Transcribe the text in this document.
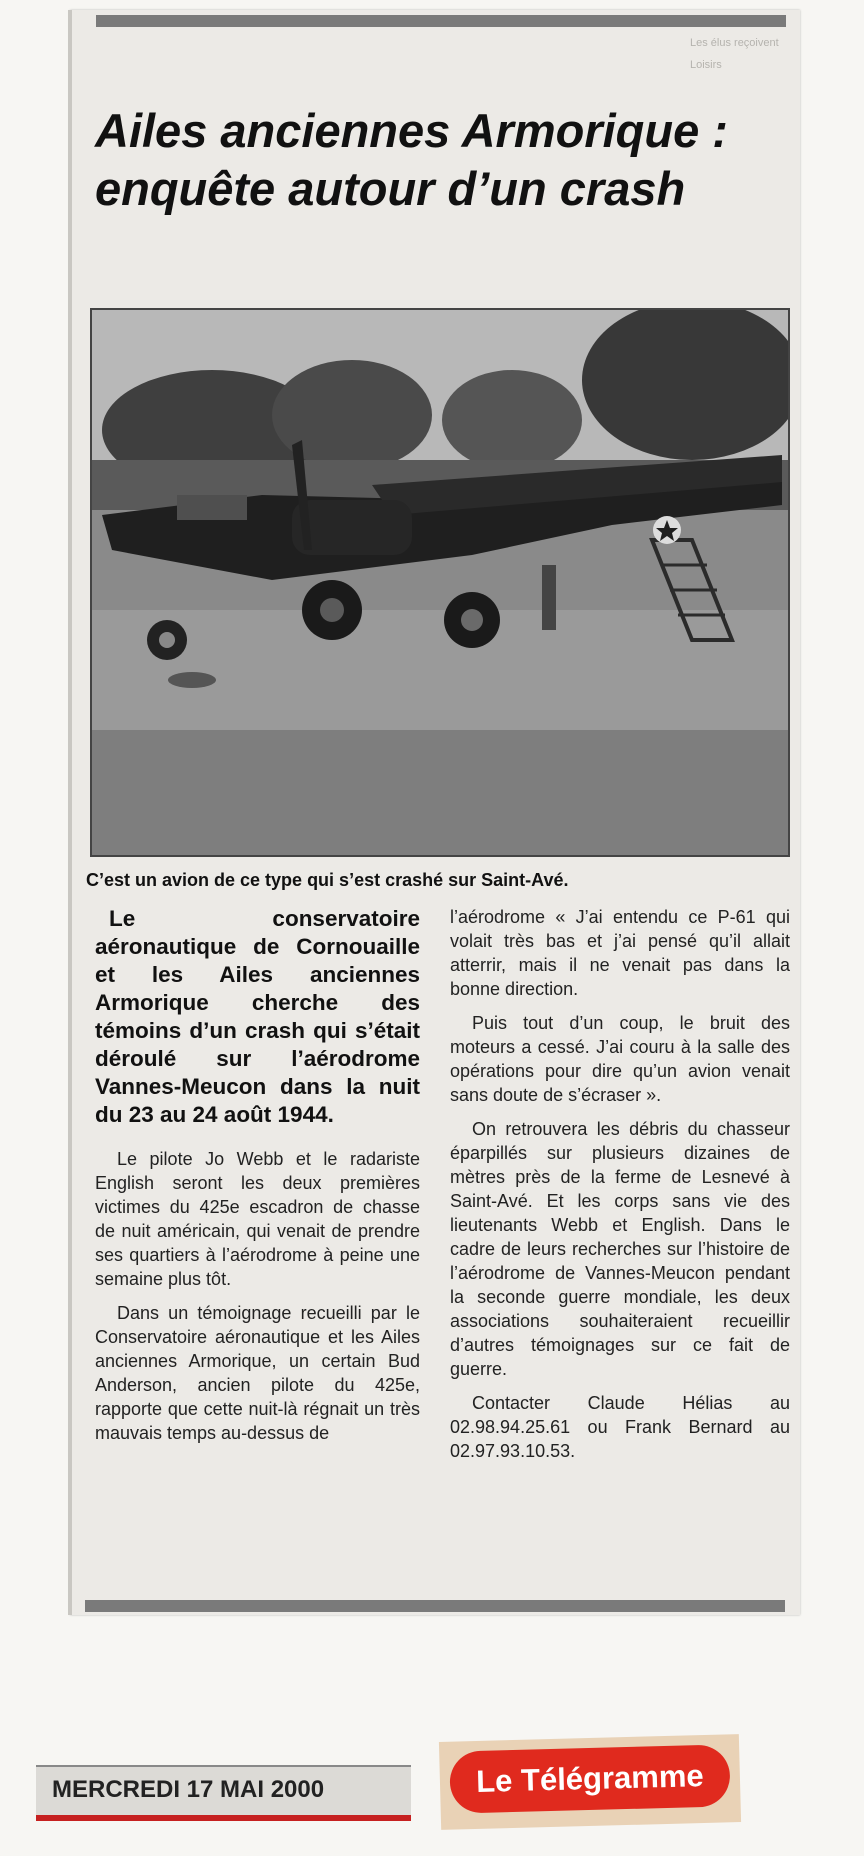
Les élus reçoivent
Loisirs
Ailes anciennes Armorique : enquête autour d’un crash

C’est un avion de ce type qui s’est crashé sur Saint-Avé.

Le conservatoire aéronautique de Cornouaille et les Ailes anciennes Armorique cherche des témoins d’un crash qui s’était déroulé sur l’aérodrome Vannes-Meucon dans la nuit du 23 au 24 août 1944.

Le pilote Jo Webb et le radariste English seront les deux premières victimes du 425e escadron de chasse de nuit américain, qui venait de prendre ses quartiers à l’aérodrome à peine une semaine plus tôt.

Dans un témoignage recueilli par le Conservatoire aéronautique et les Ailes anciennes Armorique, un certain Bud Anderson, ancien pilote du 425e, rapporte que cette nuit-là régnait un très mauvais temps au-dessus de

l’aérodrome « J’ai entendu ce P-61 qui volait très bas et j’ai pensé qu’il allait atterrir, mais il ne venait pas dans la bonne direction.

Puis tout d’un coup, le bruit des moteurs a cessé. J’ai couru à la salle des opérations pour dire qu’un avion venait sans doute de s’écraser ».

On retrouvera les débris du chasseur éparpillés sur plusieurs dizaines de mètres près de la ferme de Lesnevé à Saint-Avé. Et les corps sans vie des lieutenants Webb et English. Dans le cadre de leurs recherches sur l’histoire de l’aérodrome de Vannes-Meucon pendant la seconde guerre mondiale, les deux associations souhaiteraient recueillir d’autres témoignages sur ce fait de guerre.

Contacter Claude Hélias au 02.98.94.25.61 ou Frank Bernard au 02.97.93.10.53.

MERCREDI 17 MAI 2000	Le Télégramme
